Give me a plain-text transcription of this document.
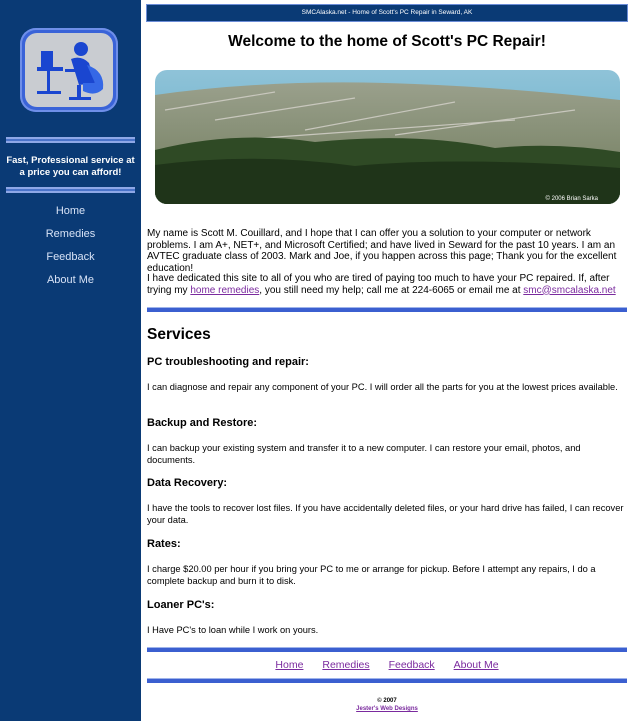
Fast, Professional service at a price you can afford!
Home
Remedies
Feedback
About Me
SMCAlaska.net - Home of Scott's PC Repair in Seward, AK
Welcome to the home of Scott's PC Repair!
© 2006 Brian Sarka
My name is Scott M. Couillard, and I hope that I can offer you a solution to your computer or network problems. I am A+, NET+, and Microsoft Certified; and have lived in Seward for the past 10 years. I am an AVTEC graduate class of 2003. Mark and Joe, if you happen across this page; Thank you for the excellent education!
I have dedicated this site to all of you who are tired of paying too much to have your PC repaired. If, after trying my home remedies, you still need my help; call me at 224-6065 or email me at smc@smcalaska.net
Services
PC troubleshooting and repair:
I can diagnose and repair any component of your PC. I will order all the parts for you at the lowest prices available.
Backup and Restore:
I can backup your existing system and transfer it to a new computer. I can restore your email, photos, and documents.
Data Recovery:
I have the tools to recover lost files. If you have accidentally deleted files, or your hard drive has failed, I can recover your data.
Rates:
I charge $20.00 per hour if you bring your PC to me or arrange for pickup. Before I attempt any repairs, I do a complete backup and burn it to disk.
Loaner PC's:
I Have PC's to loan while I work on yours.
Home Remedies Feedback About Me
© 2007
Jester's Web Designs
